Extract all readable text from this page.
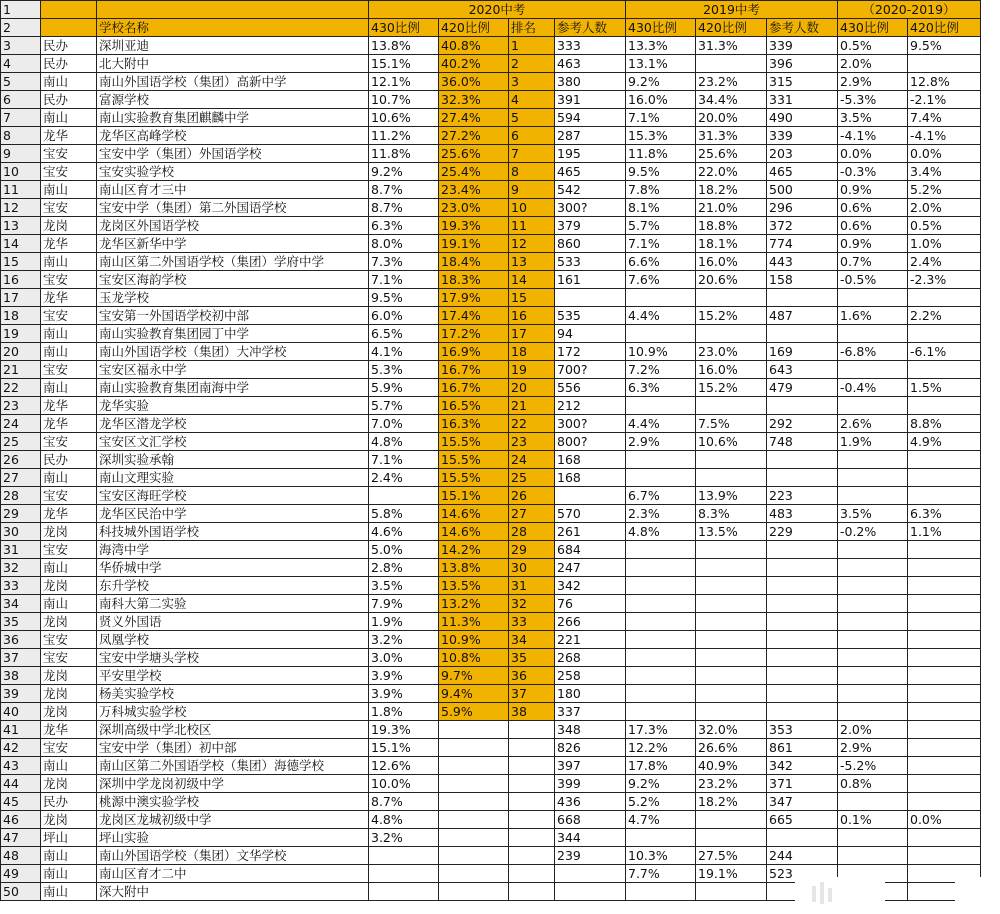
1			2020中考				2019中考			（2020-2019）	
2		学校名称	430比例	420比例	排名	参考人数	430比例	420比例	参考人数	430比例	420比例
3	民办	深圳亚迪	13.8%	40.8%	1	333	13.3%	31.3%	339	0.5%	9.5%
4	民办	北大附中	15.1%	40.2%	2	463	13.1%		396	2.0%	
5	南山	南山外国语学校（集团）高新中学	12.1%	36.0%	3	380	9.2%	23.2%	315	2.9%	12.8%
6	民办	富源学校	10.7%	32.3%	4	391	16.0%	34.4%	331	-5.3%	-2.1%
7	南山	南山实验教育集团麒麟中学	10.6%	27.4%	5	594	7.1%	20.0%	490	3.5%	7.4%
8	龙华	龙华区高峰学校	11.2%	27.2%	6	287	15.3%	31.3%	339	-4.1%	-4.1%
9	宝安	宝安中学（集团）外国语学校	11.8%	25.6%	7	195	11.8%	25.6%	203	0.0%	0.0%
10	宝安	宝安实验学校	9.2%	25.4%	8	465	9.5%	22.0%	465	-0.3%	3.4%
11	南山	南山区育才三中	8.7%	23.4%	9	542	7.8%	18.2%	500	0.9%	5.2%
12	宝安	宝安中学（集团）第二外国语学校	8.7%	23.0%	10	300?	8.1%	21.0%	296	0.6%	2.0%
13	龙岗	龙岗区外国语学校	6.3%	19.3%	11	379	5.7%	18.8%	372	0.6%	0.5%
14	龙华	龙华区新华中学	8.0%	19.1%	12	860	7.1%	18.1%	774	0.9%	1.0%
15	南山	南山区第二外国语学校（集团）学府中学	7.3%	18.4%	13	533	6.6%	16.0%	443	0.7%	2.4%
16	宝安	宝安区海韵学校	7.1%	18.3%	14	161	7.6%	20.6%	158	-0.5%	-2.3%
17	龙华	玉龙学校	9.5%	17.9%	15						
18	宝安	宝安第一外国语学校初中部	6.0%	17.4%	16	535	4.4%	15.2%	487	1.6%	2.2%
19	南山	南山实验教育集团园丁中学	6.5%	17.2%	17	94					
20	南山	南山外国语学校（集团）大冲学校	4.1%	16.9%	18	172	10.9%	23.0%	169	-6.8%	-6.1%
21	宝安	宝安区福永中学	5.3%	16.7%	19	700?	7.2%	16.0%	643		
22	南山	南山实验教育集团南海中学	5.9%	16.7%	20	556	6.3%	15.2%	479	-0.4%	1.5%
23	龙华	龙华实验	5.7%	16.5%	21	212					
24	龙华	龙华区潜龙学校	7.0%	16.3%	22	300?	4.4%	7.5%	292	2.6%	8.8%
25	宝安	宝安区文汇学校	4.8%	15.5%	23	800?	2.9%	10.6%	748	1.9%	4.9%
26	民办	深圳实验承翰	7.1%	15.5%	24	168					
27	南山	南山文理实验	2.4%	15.5%	25	168					
28	宝安	宝安区海旺学校		15.1%	26		6.7%	13.9%	223		
29	龙华	龙华区民治中学	5.8%	14.6%	27	570	2.3%	8.3%	483	3.5%	6.3%
30	龙岗	科技城外国语学校	4.6%	14.6%	28	261	4.8%	13.5%	229	-0.2%	1.1%
31	宝安	海湾中学	5.0%	14.2%	29	684					
32	南山	华侨城中学	2.8%	13.8%	30	247					
33	龙岗	东升学校	3.5%	13.5%	31	342					
34	南山	南科大第二实验	7.9%	13.2%	32	76					
35	龙岗	贤义外国语	1.9%	11.3%	33	266					
36	宝安	凤凰学校	3.2%	10.9%	34	221					
37	宝安	宝安中学塘头学校	3.0%	10.8%	35	268					
38	龙岗	平安里学校	3.9%	9.7%	36	258					
39	龙岗	杨美实验学校	3.9%	9.4%	37	180					
40	龙岗	万科城实验学校	1.8%	5.9%	38	337					
41	龙华	深圳高级中学北校区	19.3%			348	17.3%	32.0%	353	2.0%	
42	宝安	宝安中学（集团）初中部	15.1%			826	12.2%	26.6%	861	2.9%	
43	南山	南山区第二外国语学校（集团）海德学校	12.6%			397	17.8%	40.9%	342	-5.2%	
44	龙岗	深圳中学龙岗初级中学	10.0%			399	9.2%	23.2%	371	0.8%	
45	民办	桃源中澳实验学校	8.7%			436	5.2%	18.2%	347		
46	龙岗	龙岗区龙城初级中学	4.8%			668	4.7%		665	0.1%	0.0%
47	坪山	坪山实验	3.2%			344					
48	南山	南山外国语学校（集团）文华学校				239	10.3%	27.5%	244		
49	南山	南山区育才二中					7.7%	19.1%	523		
50	南山	深大附中									
